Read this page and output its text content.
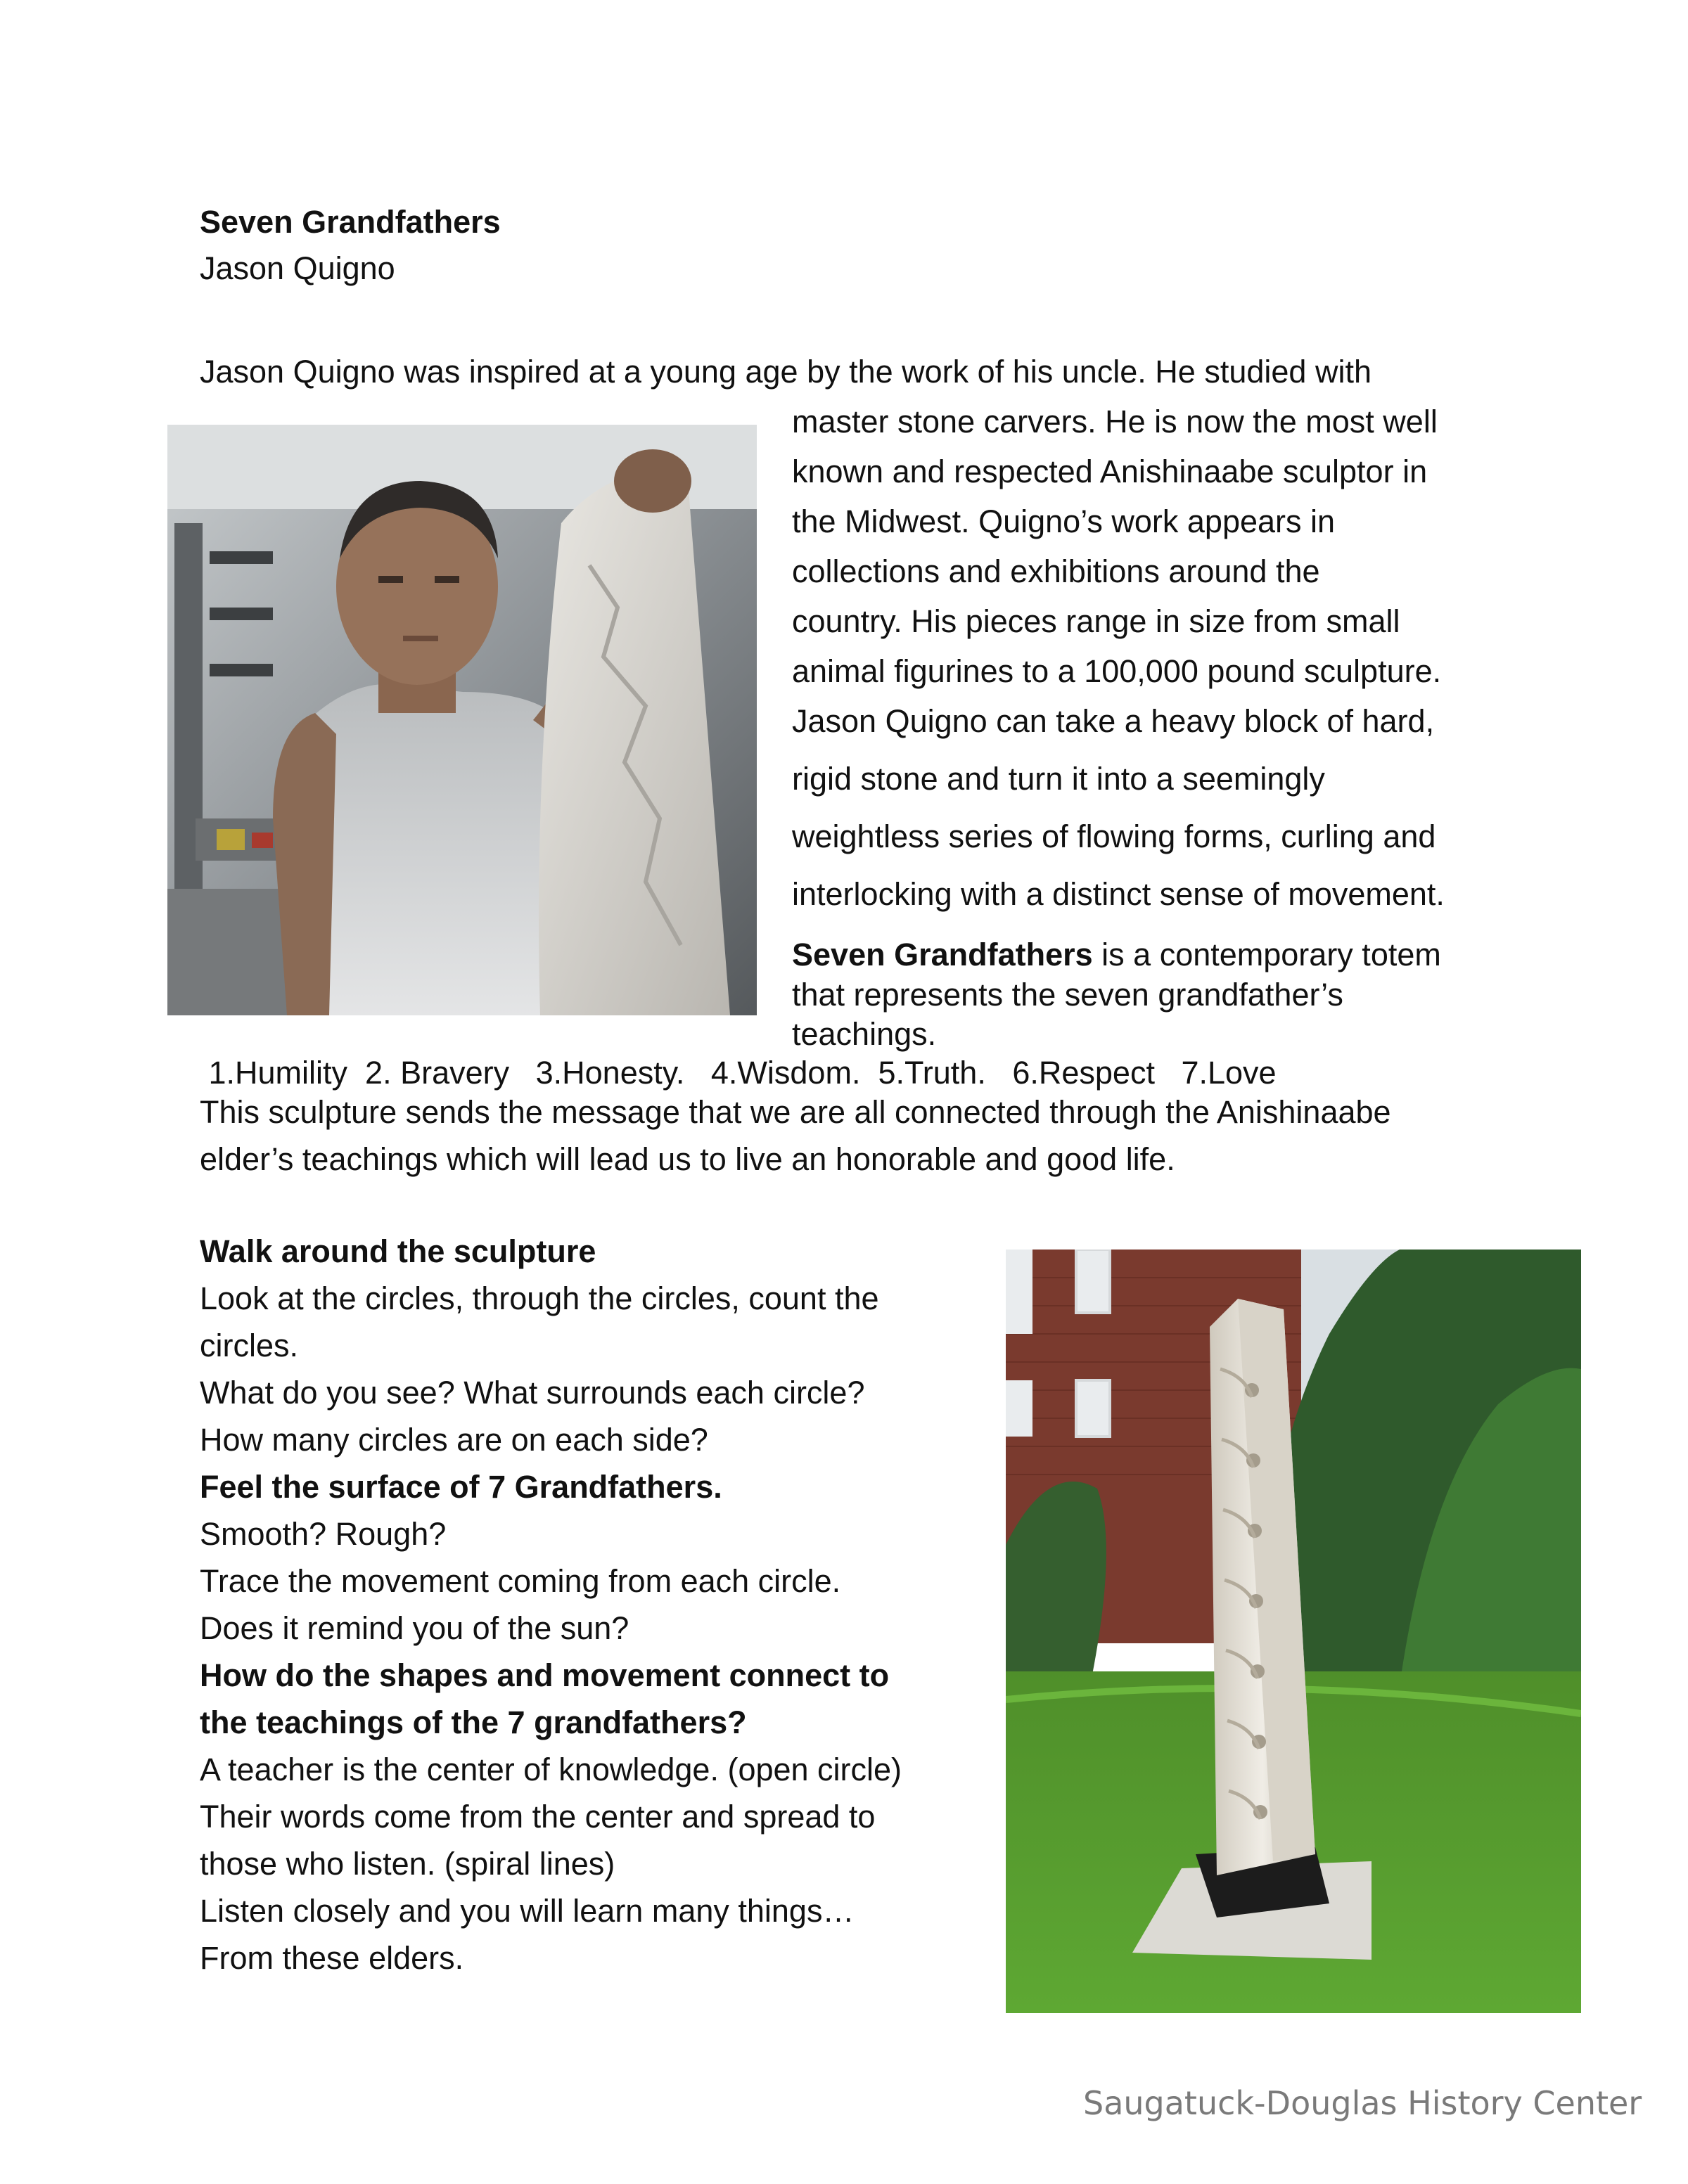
Seven Grandfathers
Jason Quigno
Jason Quigno was inspired at a young age by the work of his uncle. He studied with
master stone carvers. He is now the most well
known and respected Anishinaabe sculptor in
the Midwest. Quigno’s work appears in
collections and exhibitions around the
country. His pieces range in size from small
animal figurines to a 100,000 pound sculpture.
Jason Quigno can take a heavy block of hard,
rigid stone and turn it into a seemingly
weightless series of flowing forms, curling and
interlocking with a distinct sense of movement.
Seven Grandfathers is a contemporary totem
that represents the seven grandfather’s
teachings.
1.Humility  2. Bravery   3.Honesty.   4.Wisdom.  5.Truth.   6.Respect   7.Love
This sculpture sends the message that we are all connected through the Anishinaabe
elder’s teachings which will lead us to live an honorable and good life.
Walk around the sculpture
Look at the circles, through the circles, count the
circles.
What do you see? What surrounds each circle?
How many circles are on each side?
Feel the surface of 7 Grandfathers.
Smooth? Rough?
Trace the movement coming from each circle.
Does it remind you of the sun?
How do the shapes and movement connect to
the teachings of the 7 grandfathers?
A teacher is the center of knowledge. (open circle)
Their words come from the center and spread to
those who listen. (spiral lines)
Listen closely and you will learn many things…
From these elders.
Saugatuck-Douglas History Center
